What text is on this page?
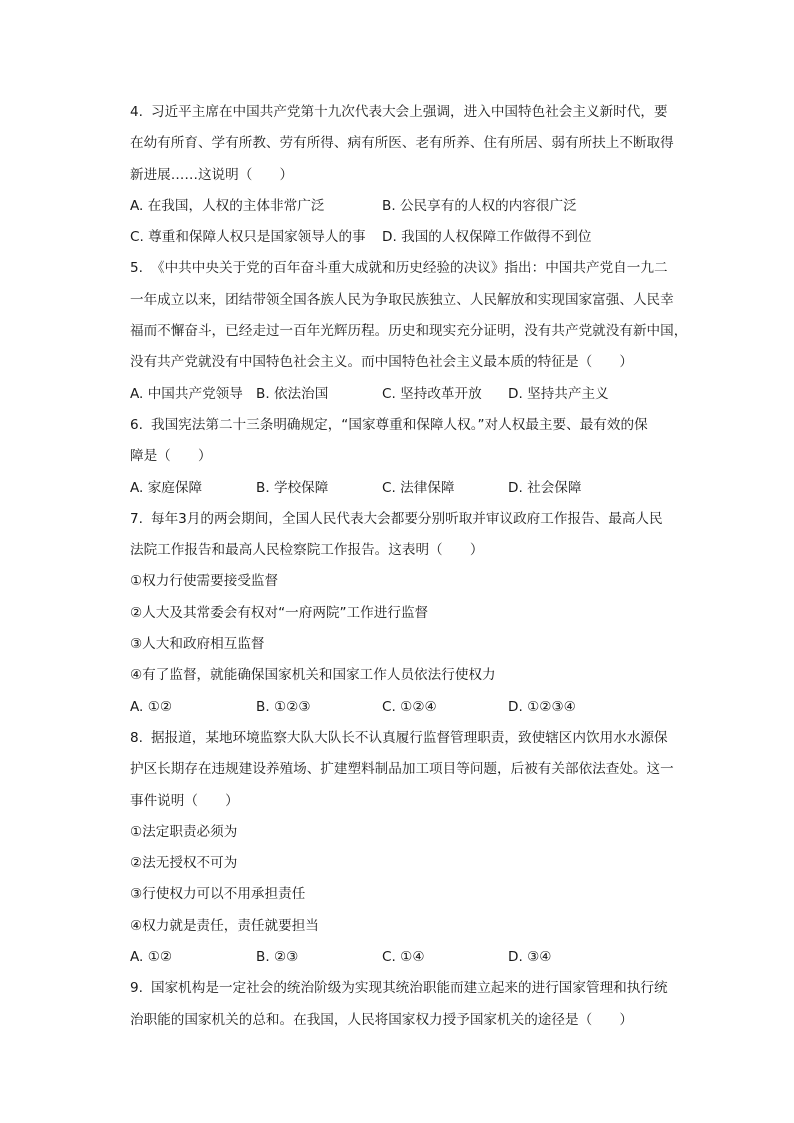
4. 习近平主席在中国共产党第十九次代表大会上强调，进入中国特色社会主义新时代，要
在幼有所育、学有所教、劳有所得、病有所医、老有所养、住有所居、弱有所扶上不断取得
新进展……这说明（　　）
A. 在我国，人权的主体非常广泛	B. 公民享有的人权的内容很广泛
C. 尊重和保障人权只是国家领导人的事	D. 我国的人权保障工作做得不到位
5. 《中共中央关于党的百年奋斗重大成就和历史经验的决议》指出：中国共产党自一九二
一年成立以来，团结带领全国各族人民为争取民族独立、人民解放和实现国家富强、人民幸
福而不懈奋斗，已经走过一百年光辉历程。历史和现实充分证明，没有共产党就没有新中国，
没有共产党就没有中国特色社会主义。而中国特色社会主义最本质的特征是（　　）
A. 中国共产党领导 B. 依法治国	C. 坚持改革开放	D. 坚持共产主义
6. 我国宪法第二十三条明确规定，“国家尊重和保障人权。”对人权最主要、最有效的保
障是（　　）
A. 家庭保障	B. 学校保障	C. 法律保障	D. 社会保障
7. 每年3月的两会期间，全国人民代表大会都要分别听取并审议政府工作报告、最高人民
法院工作报告和最高人民检察院工作报告。这表明（　　）
①权力行使需要接受监督
②人大及其常委会有权对“一府两院”工作进行监督
③人大和政府相互监督
④有了监督，就能确保国家机关和国家工作人员依法行使权力
A. ①②	B. ①②③	C. ①②④	D. ①②③④
8. 据报道，某地环境监察大队大队长不认真履行监督管理职责，致使辖区内饮用水水源保
护区长期存在违规建设养殖场、扩建塑料制品加工项目等问题，后被有关部依法查处。这一
事件说明（　　）
①法定职责必须为
②法无授权不可为
③行使权力可以不用承担责任
④权力就是责任，责任就要担当
A. ①②	B. ②③	C. ①④	D. ③④
9. 国家机构是一定社会的统治阶级为实现其统治职能而建立起来的进行国家管理和执行统
治职能的国家机关的总和。在我国，人民将国家权力授予国家机关的途径是（　　）
